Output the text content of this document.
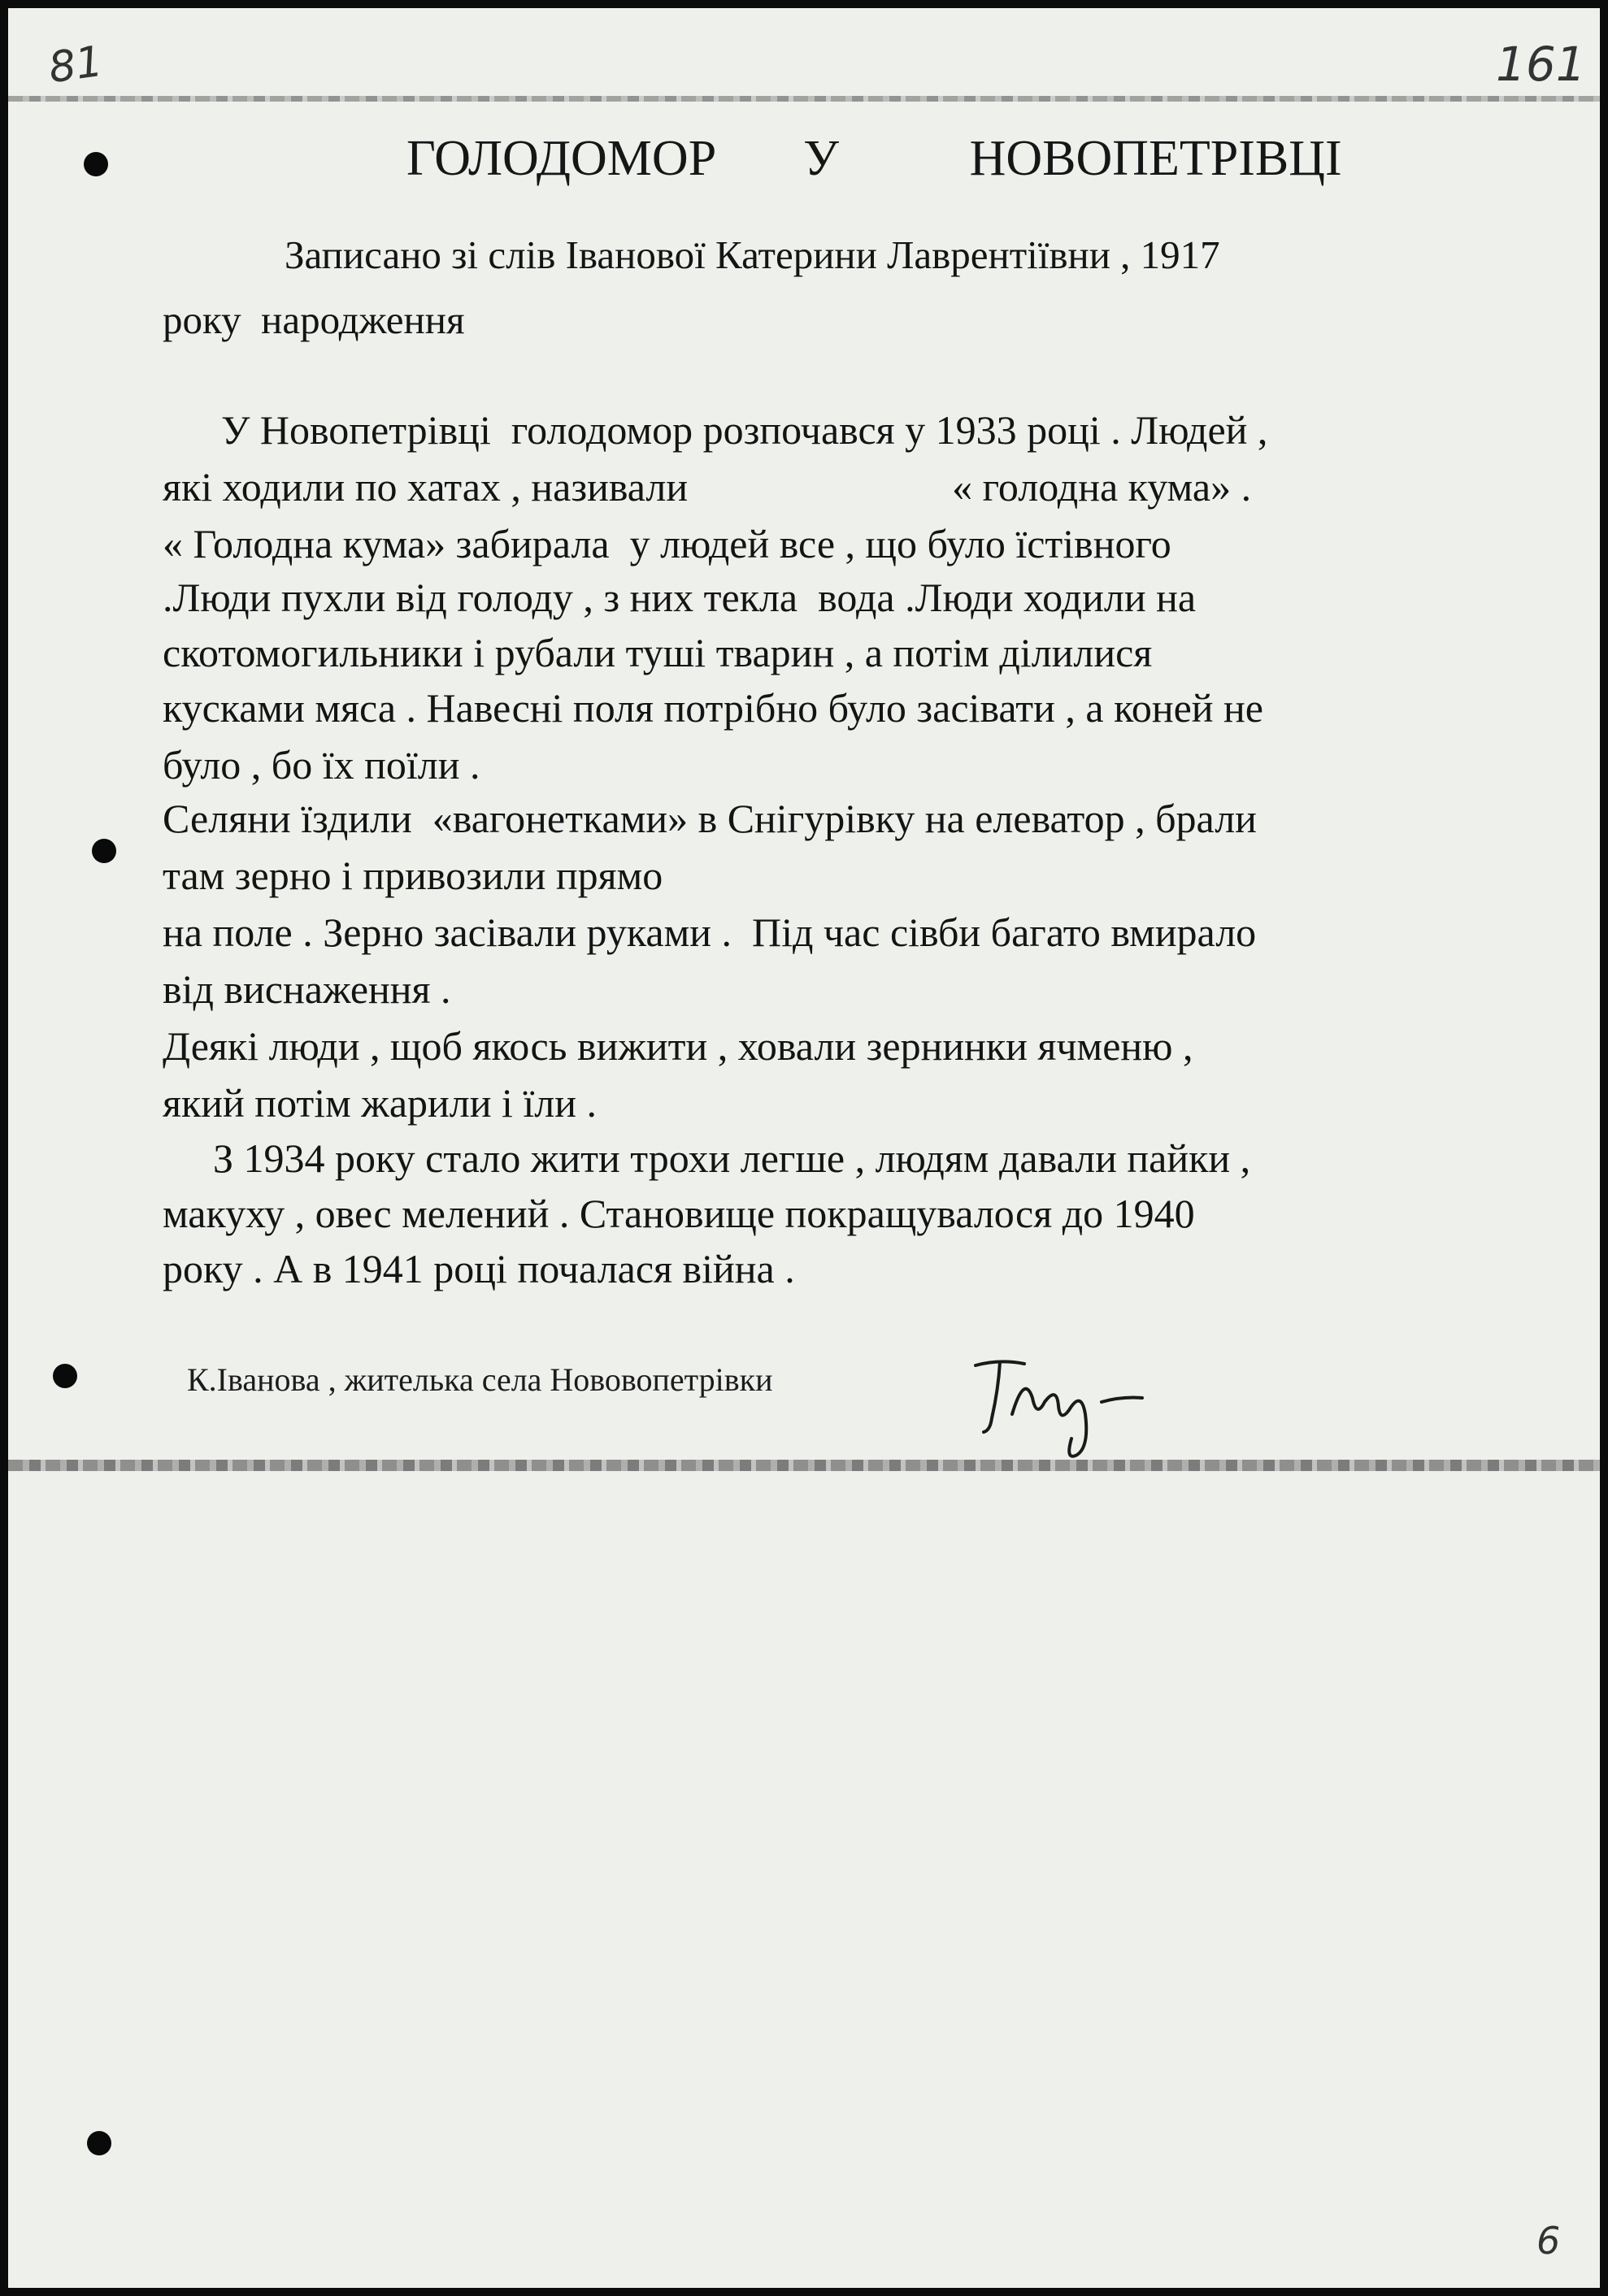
81	161
6
ГОЛОДОМОР  У   НОВОПЕТРІВЦІ
Записано зі слів Іванової Катерини Лаврентіївни , 1917
року  народження
У Новопетрівці  голодомор розпочався у 1933 році . Людей ,
які ходили по хатах , називали                          « голодна кума» .
« Голодна кума» забирала  у людей все , що було їстівного
.Люди пухли від голоду , з них текла  вода .Люди ходили на
скотомогильники і рубали туші тварин , а потім ділилися
кусками мяса . Навесні поля потрібно було засівати , а коней не
було , бо їх поїли .
Селяни їздили  «вагонетками» в Снігурівку на елеватор , брали
там зерно і привозили прямо
на поле . Зерно засівали руками .  Під час сівби багато вмирало
від виснаження .
Деякі люди , щоб якось вижити , ховали зернинки ячменю ,
який потім жарили і їли .
З 1934 року стало жити трохи легше , людям давали пайки ,
макуху , овес мелений . Становище покращувалося до 1940
року . А в 1941 році почалася війна .
К.Іванова , жителька села Нововопетрівки
